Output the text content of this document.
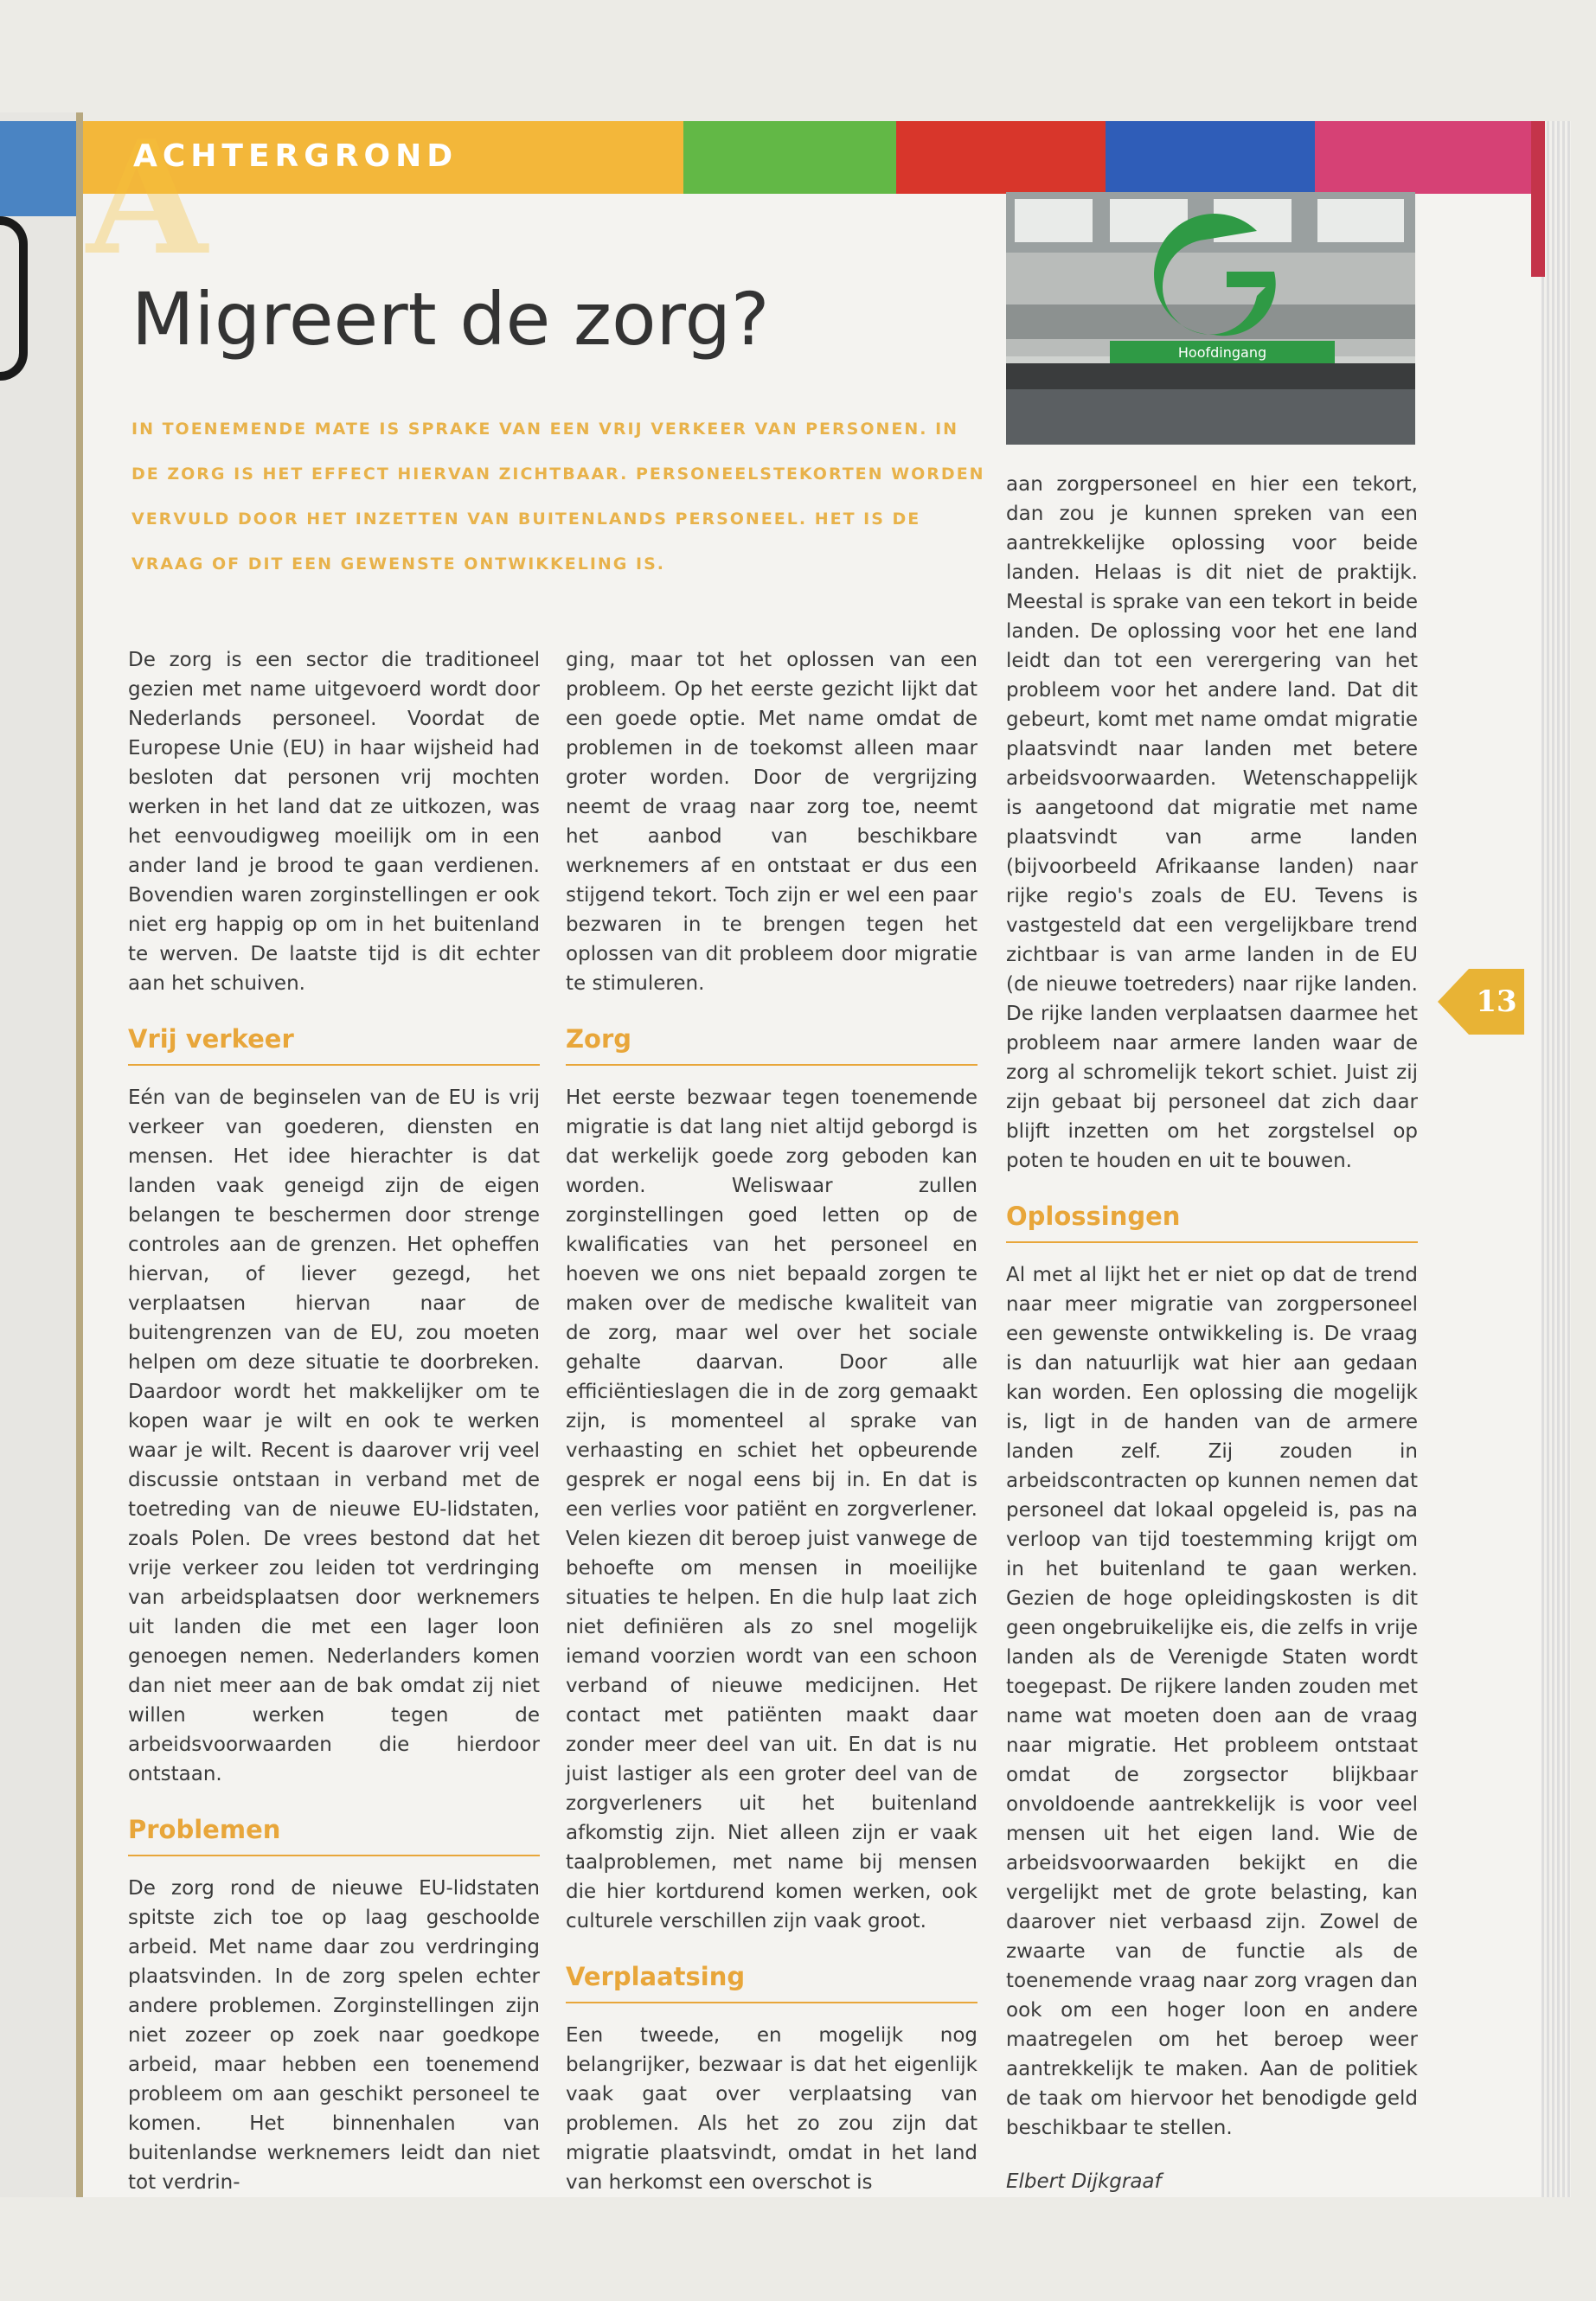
A
ACHTERGROND
Migreert de zorg?
IN TOENEMENDE MATE IS SPRAKE VAN EEN VRIJ VERKEER VAN PERSONEN. IN DE ZORG IS HET EFFECT HIERVAN ZICHTBAAR. PERSONEELSTEKORTEN WORDEN VERVULD DOOR HET INZETTEN VAN BUITENLANDS PERSONEEL. HET IS DE VRAAG OF DIT EEN GEWENSTE ONTWIKKELING IS.
Hoofdingang

De zorg is een sector die traditioneel gezien met name uitgevoerd wordt door Nederlands personeel. Voordat de Europese Unie (EU) in haar wijsheid had besloten dat personen vrij mochten werken in het land dat ze uitkozen, was het eenvoudigweg moeilijk om in een ander land je brood te gaan verdienen. Bovendien waren zorginstellingen er ook niet erg happig op om in het buitenland te werven. De laatste tijd is dit echter aan het schuiven.

Vrij verkeer

Eén van de beginselen van de EU is vrij verkeer van goederen, diensten en mensen. Het idee hierachter is dat landen vaak geneigd zijn de eigen belangen te beschermen door strenge controles aan de grenzen. Het opheffen hiervan, of liever gezegd, het verplaatsen hiervan naar de buitengrenzen van de EU, zou moeten helpen om deze situatie te doorbreken. Daardoor wordt het makkelijker om te kopen waar je wilt en ook te werken waar je wilt. Recent is daarover vrij veel discussie ontstaan in verband met de toetreding van de nieuwe EU-lidstaten, zoals Polen. De vrees bestond dat het vrije verkeer zou leiden tot verdringing van arbeidsplaatsen door werknemers uit landen die met een lager loon genoegen nemen. Nederlanders komen dan niet meer aan de bak omdat zij niet willen werken tegen de arbeidsvoorwaarden die hierdoor ontstaan.

Problemen

De zorg rond de nieuwe EU-lidstaten spitste zich toe op laag geschoolde arbeid. Met name daar zou verdringing plaatsvinden. In de zorg spelen echter andere problemen. Zorginstellingen zijn niet zozeer op zoek naar goedkope arbeid, maar hebben een toenemend probleem om aan geschikt personeel te komen. Het binnenhalen van buitenlandse werknemers leidt dan niet tot verdrin-

ging, maar tot het oplossen van een probleem. Op het eerste gezicht lijkt dat een goede optie. Met name omdat de problemen in de toekomst alleen maar groter worden. Door de vergrijzing neemt de vraag naar zorg toe, neemt het aanbod van beschikbare werknemers af en ontstaat er dus een stijgend tekort. Toch zijn er wel een paar bezwaren in te brengen tegen het oplossen van dit probleem door migratie te stimuleren.

Zorg

Het eerste bezwaar tegen toenemende migratie is dat lang niet altijd geborgd is dat werkelijk goede zorg geboden kan worden. Weliswaar zullen zorginstellingen goed letten op de kwalificaties van het personeel en hoeven we ons niet bepaald zorgen te maken over de medische kwaliteit van de zorg, maar wel over het sociale gehalte daarvan. Door alle efficiëntieslagen die in de zorg gemaakt zijn, is momenteel al sprake van verhaasting en schiet het opbeurende gesprek er nogal eens bij in. En dat is een verlies voor patiënt en zorgverlener. Velen kiezen dit beroep juist vanwege de behoefte om mensen in moeilijke situaties te helpen. En die hulp laat zich niet definiëren als zo snel mogelijk iemand voorzien wordt van een schoon verband of nieuwe medicijnen. Het contact met patiënten maakt daar zonder meer deel van uit. En dat is nu juist lastiger als een groter deel van de zorgverleners uit het buitenland afkomstig zijn. Niet alleen zijn er vaak taalproblemen, met name bij mensen die hier kortdurend komen werken, ook culturele verschillen zijn vaak groot.

Verplaatsing

Een tweede, en mogelijk nog belangrijker, bezwaar is dat het eigenlijk vaak gaat over verplaatsing van problemen. Als het zo zou zijn dat migratie plaatsvindt, omdat in het land van herkomst een overschot is

aan zorgpersoneel en hier een tekort, dan zou je kunnen spreken van een aantrekkelijke oplossing voor beide landen. Helaas is dit niet de praktijk. Meestal is sprake van een tekort in beide landen. De oplossing voor het ene land leidt dan tot een verergering van het probleem voor het andere land. Dat dit gebeurt, komt met name omdat migratie plaatsvindt naar landen met betere arbeidsvoorwaarden. Wetenschappelijk is aangetoond dat migratie met name plaatsvindt van arme landen (bijvoorbeeld Afrikaanse landen) naar rijke regio's zoals de EU. Tevens is vastgesteld dat een vergelijkbare trend zichtbaar is van arme landen in de EU (de nieuwe toetreders) naar rijke landen. De rijke landen verplaatsen daarmee het probleem naar armere landen waar de zorg al schromelijk tekort schiet. Juist zij zijn gebaat bij personeel dat zich daar blijft inzetten om het zorgstelsel op poten te houden en uit te bouwen.

Oplossingen

Al met al lijkt het er niet op dat de trend naar meer migratie van zorgpersoneel een gewenste ontwikkeling is. De vraag is dan natuurlijk wat hier aan gedaan kan worden. Een oplossing die mogelijk is, ligt in de handen van de armere landen zelf. Zij zouden in arbeidscontracten op kunnen nemen dat personeel dat lokaal opgeleid is, pas na verloop van tijd toestemming krijgt om in het buitenland te gaan werken. Gezien de hoge opleidingskosten is dit geen ongebruikelijke eis, die zelfs in vrije landen als de Verenigde Staten wordt toegepast. De rijkere landen zouden met name wat moeten doen aan de vraag naar migratie. Het probleem ontstaat omdat de zorgsector blijkbaar onvoldoende aantrekkelijk is voor veel mensen uit het eigen land. Wie de arbeidsvoorwaarden bekijkt en die vergelijkt met de grote belasting, kan daarover niet verbaasd zijn. Zowel de zwaarte van de functie als de toenemende vraag naar zorg vragen dan ook om een hoger loon en andere maatregelen om het beroep weer aantrekkelijk te maken. Aan de politiek de taak om hiervoor het benodigde geld beschikbaar te stellen.

Elbert Dijkgraaf

13
